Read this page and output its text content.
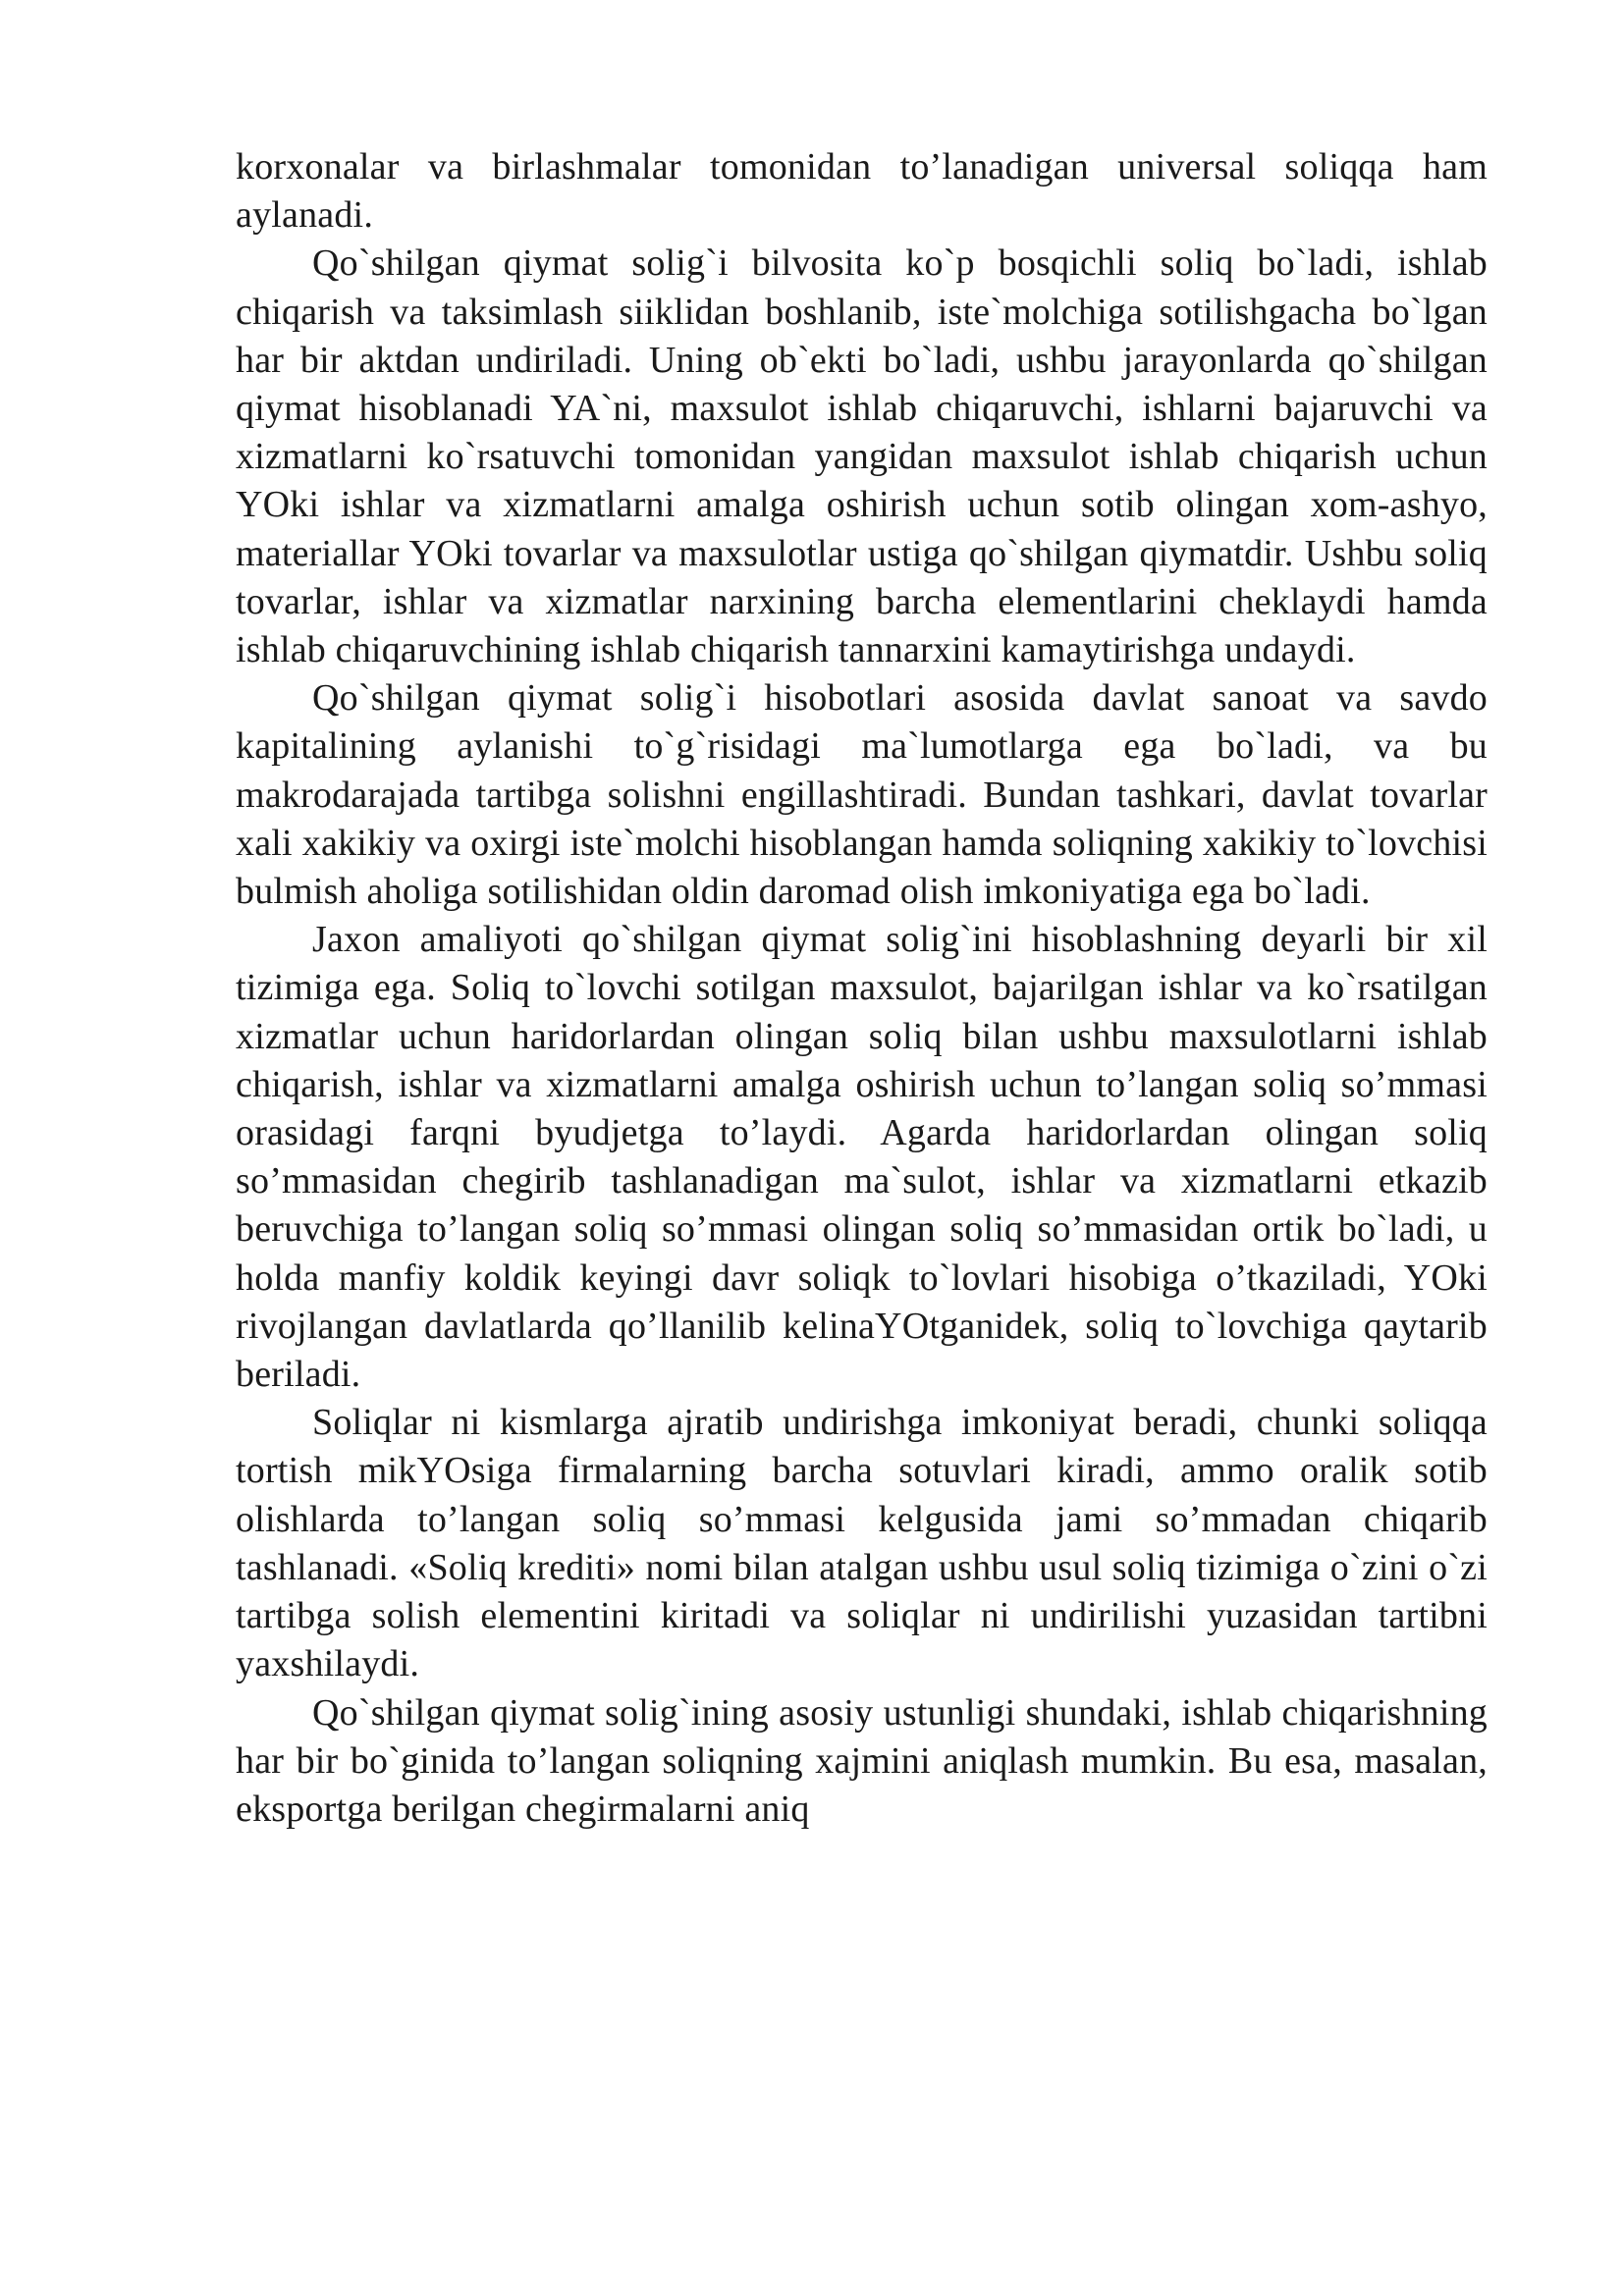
korxonalar va birlashmalar tomonidan to’lanadigan universal soliqqa ham aylanadi.

Qo`shilgan qiymat solig`i bilvosita ko`p bosqichli soliq bo`ladi, ishlab chiqarish va taksimlash siiklidan boshlanib, iste`molchiga sotilishgacha bo`lgan har bir aktdan undiriladi. Uning ob`ekti bo`ladi, ushbu jarayonlarda qo`shilgan qiymat hisoblanadi YA`ni, maxsulot ishlab chiqaruvchi, ishlarni bajaruvchi va xizmatlarni ko`rsatuvchi tomonidan yangidan maxsulot ishlab chiqarish uchun YOki ishlar va xizmatlarni amalga oshirish uchun sotib olingan xom-ashyo, materiallar YOki tovarlar va maxsulotlar ustiga qo`shilgan qiymatdir. Ushbu soliq tovarlar, ishlar va xizmatlar narxining barcha elementlarini cheklaydi hamda ishlab chiqaruvchining ishlab chiqarish tannarxini kamaytirishga undaydi.

Qo`shilgan qiymat solig`i hisobotlari asosida davlat sanoat va savdo kapitalining aylanishi to`g`risidagi ma`lumotlarga ega bo`ladi, va bu makrodarajada tartibga solishni engillashtiradi. Bundan tashkari, davlat tovarlar xali xakikiy va oxirgi iste`molchi hisoblangan hamda soliqning xakikiy to`lovchisi bulmish aholiga sotilishidan oldin daromad olish imkoniyatiga ega bo`ladi.

Jaxon amaliyoti qo`shilgan qiymat solig`ini hisoblashning deyarli bir xil tizimiga ega. Soliq to`lovchi sotilgan maxsulot, bajarilgan ishlar va ko`rsatilgan xizmatlar uchun haridorlardan olingan soliq bilan ushbu maxsulotlarni ishlab chiqarish, ishlar va xizmatlarni amalga oshirish uchun to’langan soliq so’mmasi orasidagi farqni byudjetga to’laydi. Agarda haridorlardan olingan soliq so’mmasidan chegirib tashlanadigan ma`sulot, ishlar va xizmatlarni etkazib beruvchiga to’langan soliq so’mmasi olingan soliq so’mmasidan ortik bo`ladi, u holda manfiy koldik keyingi davr soliqk to`lovlari hisobiga o’tkaziladi, YOki rivojlangan davlatlarda qo’llanilib kelinaYOtganidek, soliq to`lovchiga qaytarib beriladi.

Soliqlar ni kismlarga ajratib undirishga imkoniyat beradi, chunki soliqqa tortish mikYOsiga firmalarning barcha sotuvlari kiradi, ammo oralik sotib olishlarda to’langan soliq so’mmasi kelgusida jami so’mmadan chiqarib tashlanadi. «Soliq krediti» nomi bilan atalgan ushbu usul soliq tizimiga o`zini o`zi tartibga solish elementini kiritadi va soliqlar ni undirilishi yuzasidan tartibni yaxshilaydi.

Qo`shilgan qiymat solig`ining asosiy ustunligi shundaki, ishlab chiqarishning har bir bo`ginida to’langan soliqning xajmini aniqlash mumkin. Bu esa, masalan, eksportga berilgan chegirmalarni aniq
